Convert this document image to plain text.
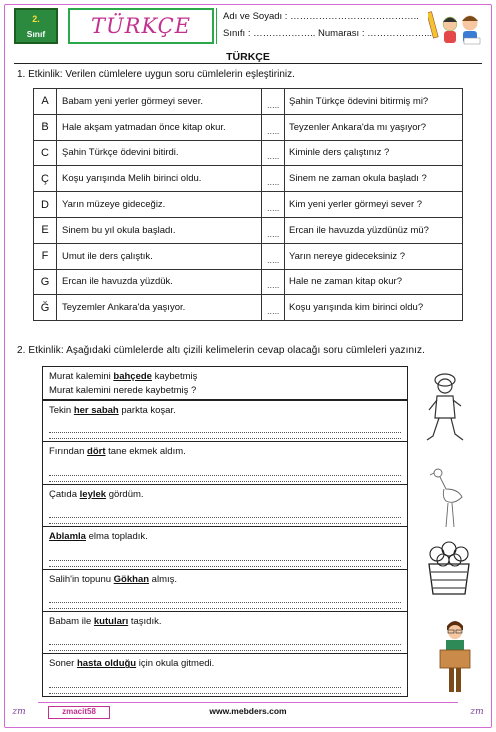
2.
Sınıf	TÜRKÇE	Adı ve Soyadı : …………………………………..
Sınıfı : ……………….. Numarası : ………………...
TÜRKÇE
1. Etkinlik: Verilen cümlelere uygun soru cümlelerin eşleştiriniz.
A	Babam yeni yerler görmeyi sever.	…..	Şahin Türkçe ödevini bitirmiş mi?
B	Hale akşam yatmadan önce kitap okur.	…..	Teyzenler Ankara'da mı yaşıyor?
C	Şahin Türkçe ödevini bitirdi.	…..	Kiminle ders çalıştınız ?
Ç	Koşu yarışında Melih birinci oldu.	…..	Sinem ne zaman okula başladı ?
D	Yarın müzeye gideceğiz.	…..	Kim yeni yerler görmeyi sever ?
E	Sinem bu yıl okula başladı.	…..	Ercan ile havuzda yüzdünüz mü?
F	Umut ile ders çalıştık.	…..	Yarın nereye gideceksiniz ?
G	Ercan ile havuzda yüzdük.	…..	Hale ne zaman kitap okur?
Ğ	Teyzemler Ankara'da yaşıyor.	…..	Koşu yarışında kim birinci oldu?
2. Etkinlik: Aşağıdaki cümlelerde altı çizili kelimelerin cevap olacağı soru cümleleri yazınız.
Murat kalemini bahçede kaybetmiş
Murat kalemini nerede kaybetmiş ?
Tekin her sabah parkta koşar.
Fırından dört tane ekmek aldım.
Çatıda leylek gördüm.
Ablamla elma topladık.
Salih'in topunu Gökhan almış.
Babam ile kutuları taşıdık.
Soner hasta olduğu için okula gitmedi.
zm	zmacit58	www.mebders.com	zm
